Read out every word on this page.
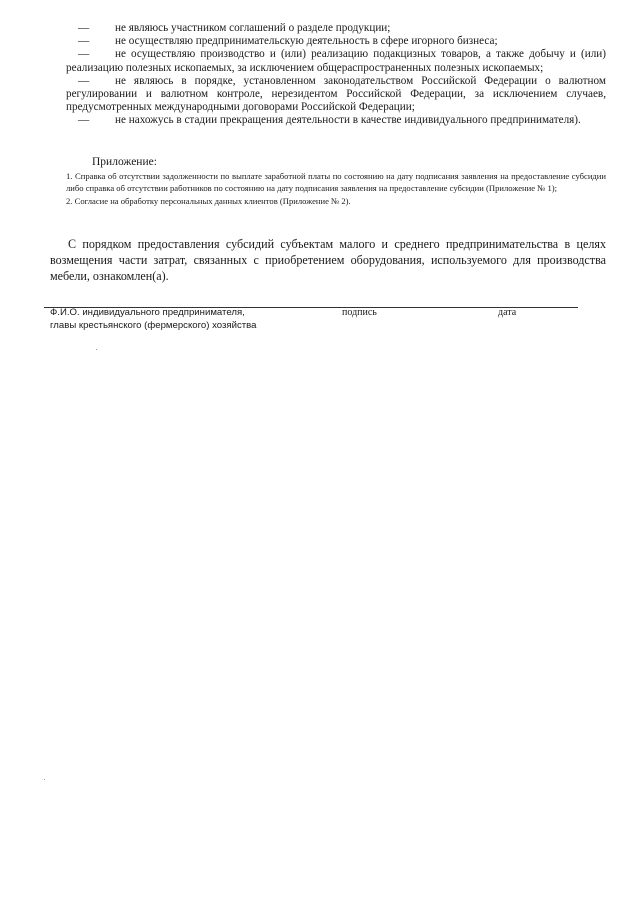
— не являюсь участником соглашений о разделе продукции;
— не осуществляю предпринимательскую деятельность в сфере игорного бизнеса;
— не осуществляю производство и (или) реализацию подакцизных товаров, а также добычу и (или) реализацию полезных ископаемых, за исключением общераспространенных полезных ископаемых;
— не являюсь в порядке, установленном законодательством Российской Федерации о валютном регулировании и валютном контроле, нерезидентом Российской Федерации, за исключением случаев, предусмотренных международными договорами Российской Федерации;
— не нахожусь в стадии прекращения деятельности в качестве индивидуального предпринимателя).

Приложение:

1. Справка об отсутствии задолженности по выплате заработной платы по состоянию на дату подписания заявления на предоставление субсидии либо справка об отсутствии работников по состоянию на дату подписания заявления на предоставление субсидии (Приложение № 1);
2. Согласие на обработку персональных данных клиентов (Приложение № 2).

С порядком предоставления субсидий субъектам малого и среднего предпринимательства в целях возмещения части затрат, связанных с приобретением оборудования, используемого для производства мебели, ознакомлен(а).

Ф.И.О. индивидуального предпринимателя,
главы крестьянского (фермерского) хозяйства
подпись	дата
